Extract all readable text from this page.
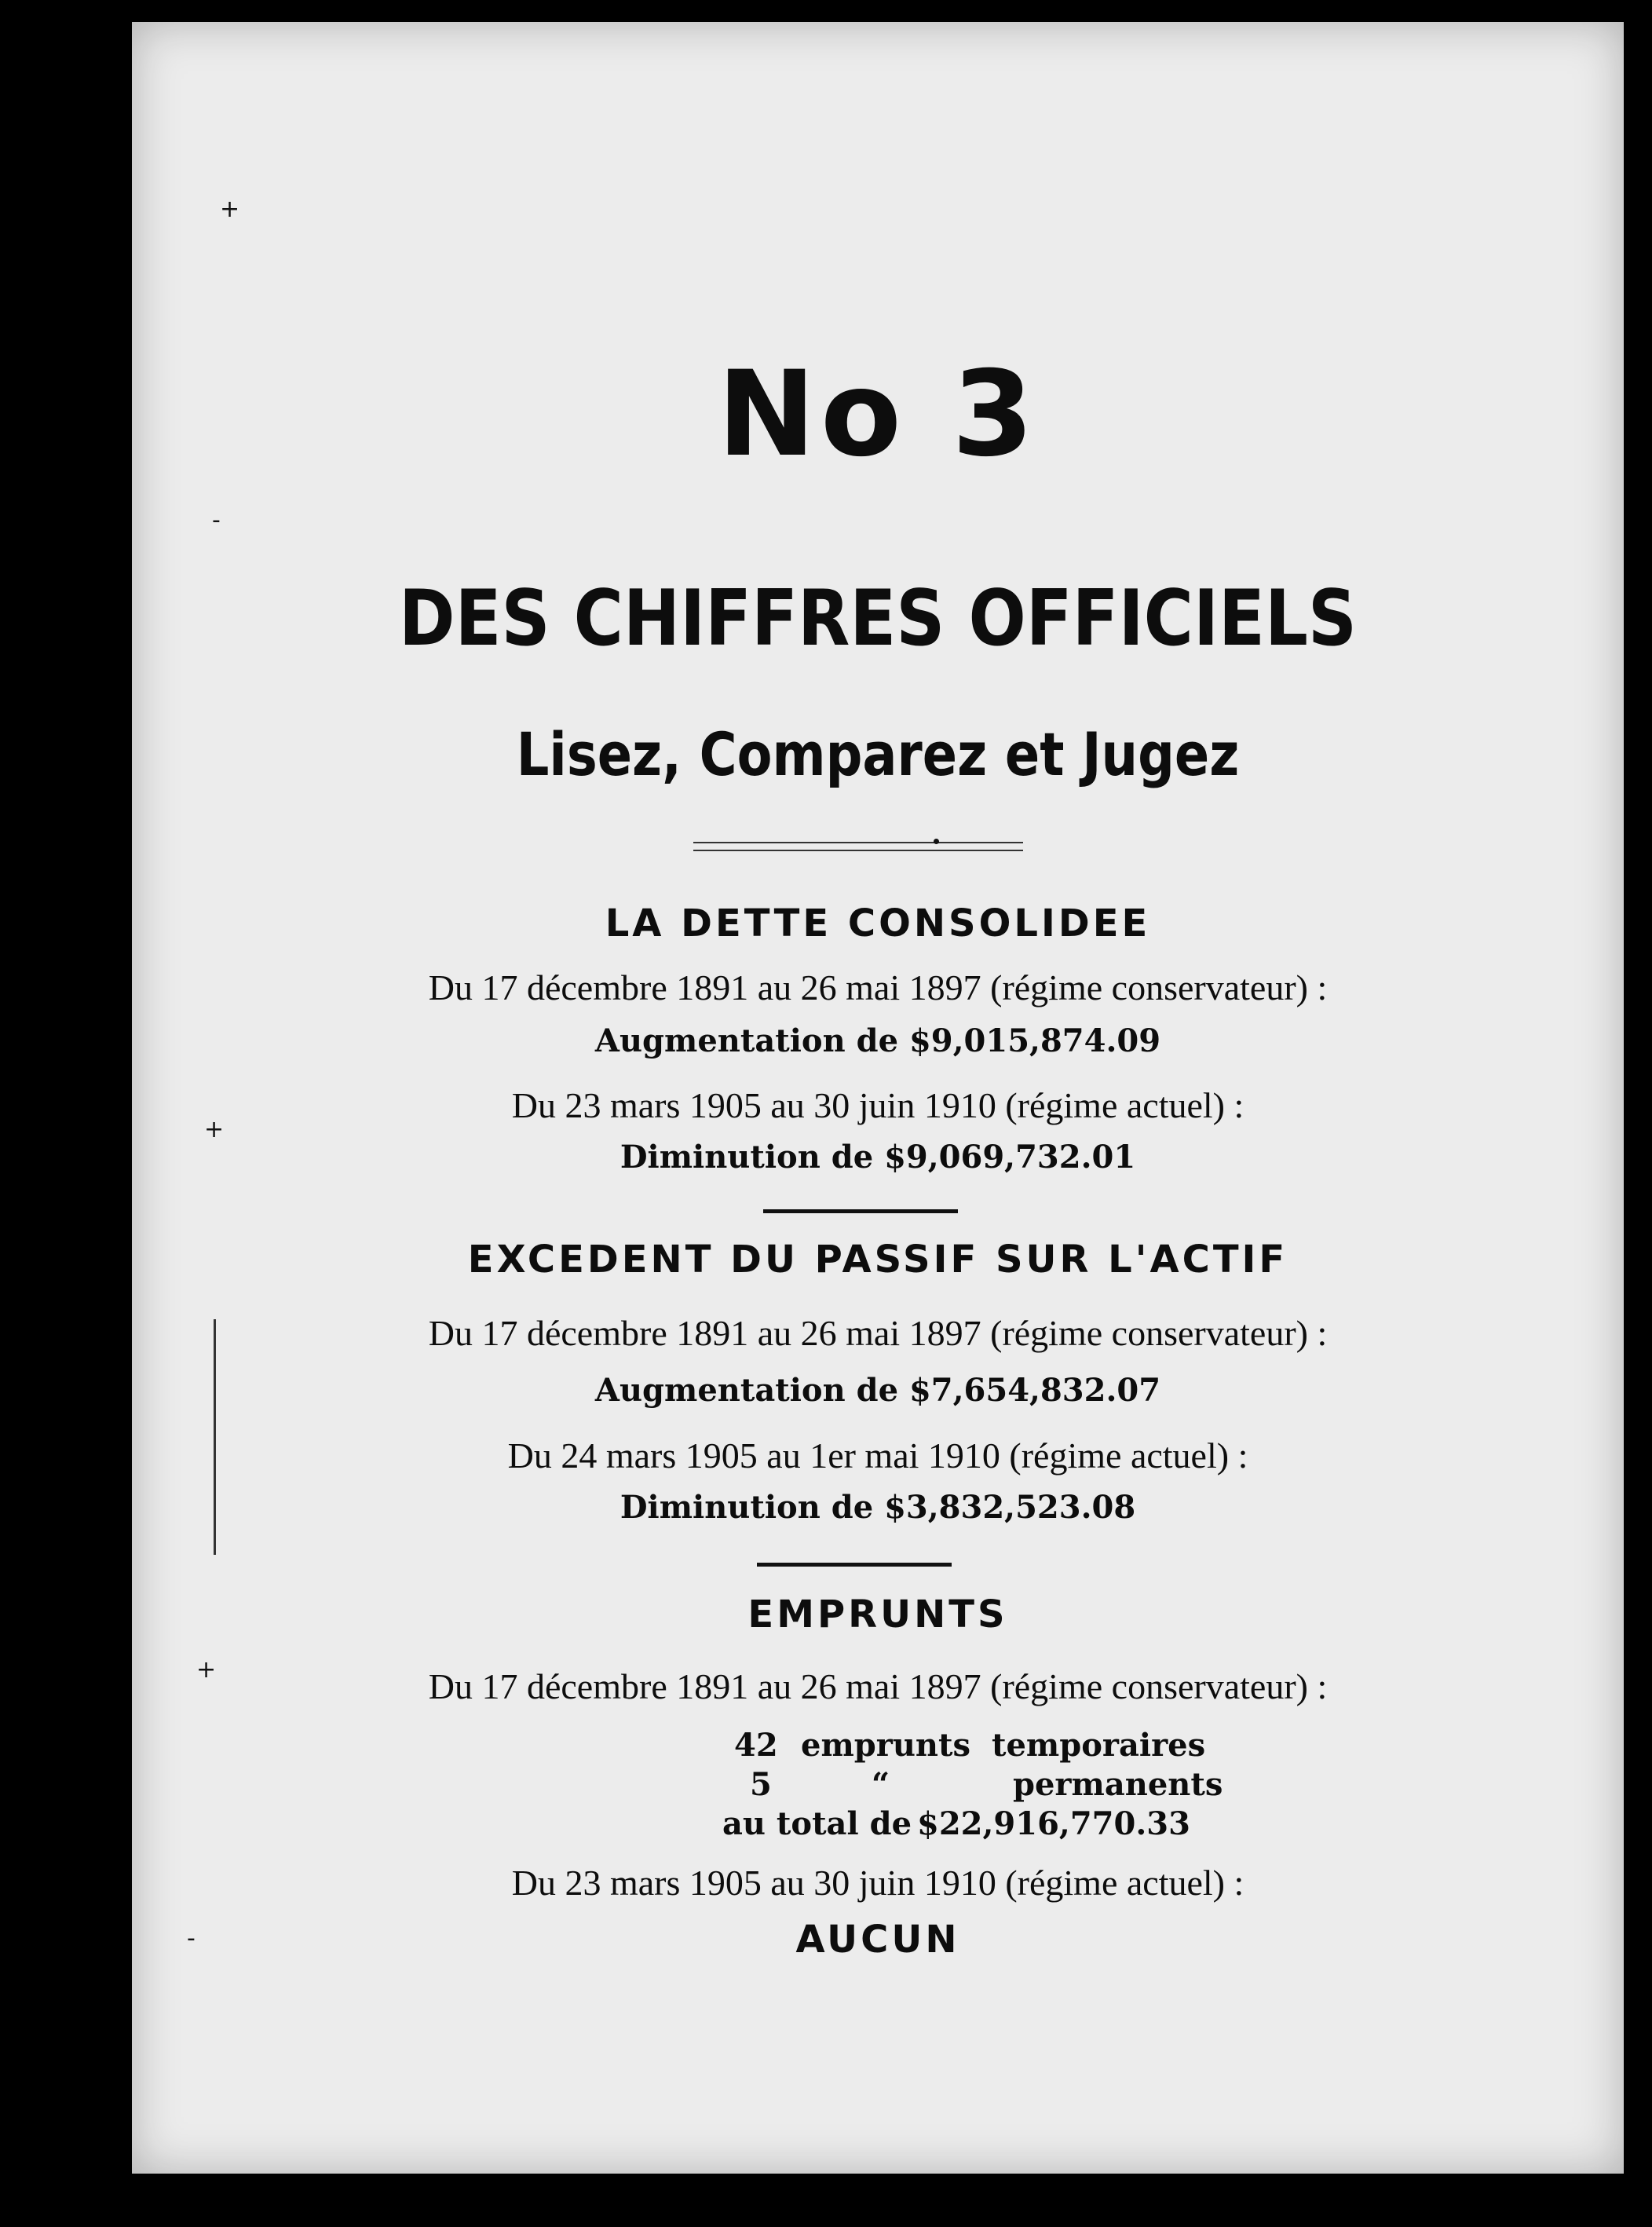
+
-
+
+
-
No 3
DES CHIFFRES OFFICIELS
Lisez, Comparez et Jugez
LA DETTE CONSOLIDEE
Du 17 décembre 1891 au 26 mai 1897 (régime conservateur) :
Augmentation de $9,015,874.09
Du 23 mars 1905 au 30 juin 1910 (régime actuel) :
Diminution de $9,069,732.01
EXCEDENT DU PASSIF SUR L'ACTIF
Du 17 décembre 1891 au 26 mai 1897 (régime conservateur) :
Augmentation de $7,654,832.07
Du 24 mars 1905 au 1er mai 1910 (régime actuel) :
Diminution de $3,832,523.08
EMPRUNTS
Du 17 décembre 1891 au 26 mai 1897 (régime conservateur) :
42 emprunts temporaires
5	“	permanents
au total de $22,916,770.33
Du 23 mars 1905 au 30 juin 1910 (régime actuel) :
AUCUN
